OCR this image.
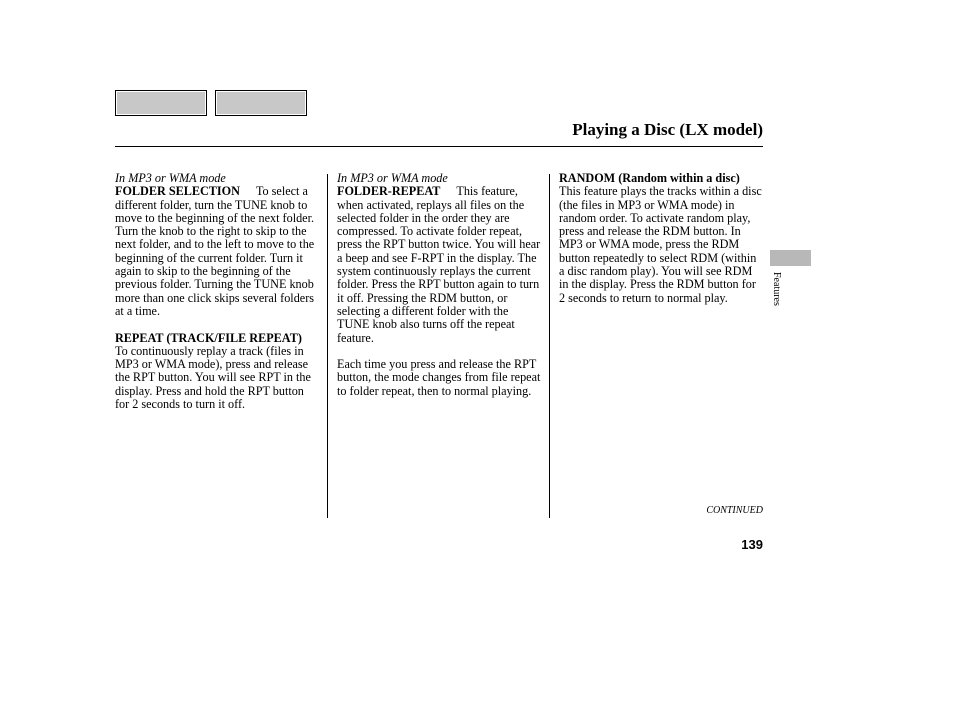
Playing a Disc (LX model)
In MP3 or WMA mode

FOLDER SELECTION To select a different folder, turn the TUNE knob to move to the beginning of the next folder. Turn the knob to the right to skip to the next folder, and to the left to move to the beginning of the current folder. Turn it again to skip to the beginning of the previous folder. Turning the TUNE knob more than one click skips several folders at a time.

REPEAT (TRACK/FILE REPEAT)To continuously replay a track (files in MP3 or WMA mode), press and release the RPT button. You will see RPT in the display. Press and hold the RPT button for 2 seconds to turn it off.

In MP3 or WMA mode

FOLDER-REPEAT This feature, when activated, replays all files on the selected folder in the order they are compressed. To activate folder repeat, press the RPT button twice. You will hear a beep and see F-RPT in the display. The system continuously replays the current folder. Press the RPT button again to turn it off. Pressing the RDM button, or selecting a different folder with the TUNE knob also turns off the repeat feature.

Each time you press and release the RPT button, the mode changes from file repeat to folder repeat, then to normal playing.

RANDOM (Random within a disc)This feature plays the tracks within a disc (the files in MP3 or WMA mode) in random order. To activate random play, press and release the RDM button. In MP3 or WMA mode, press the RDM button repeatedly to select RDM (within a disc random play). You will see RDM in the display. Press the RDM button for 2 seconds to return to normal play.	Features
CONTINUED
139
